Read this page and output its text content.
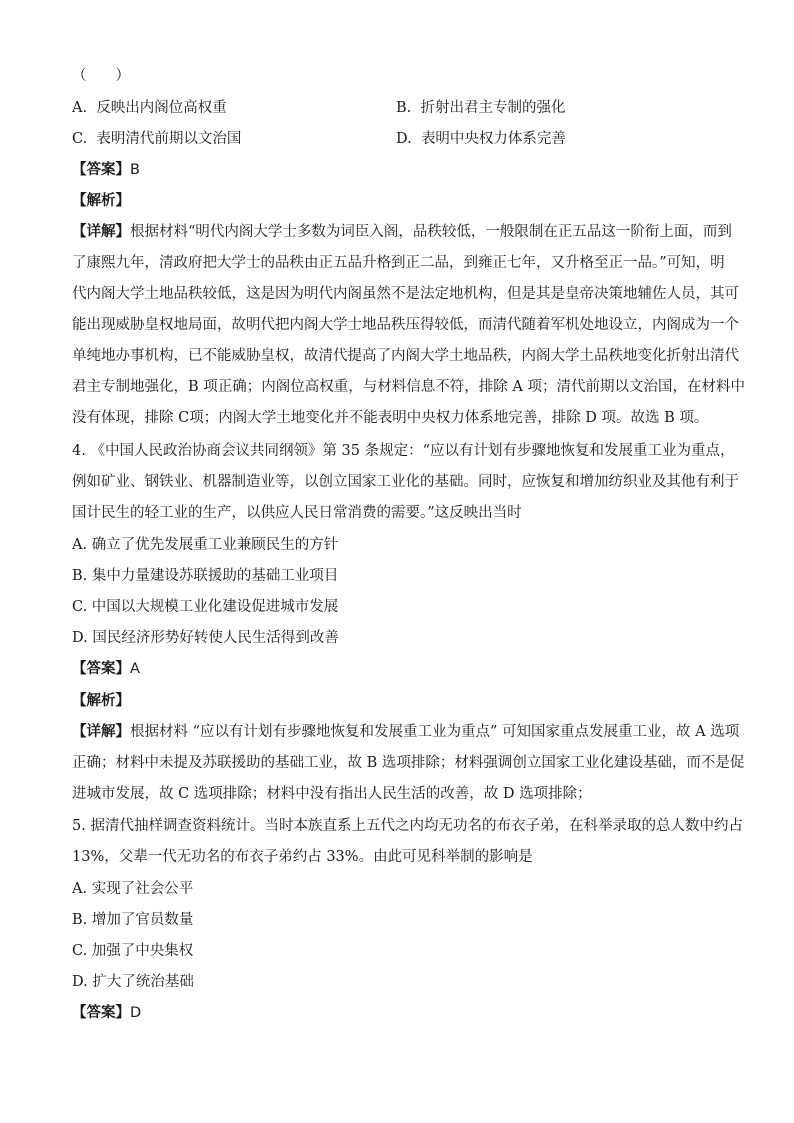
（　　）
A. 反映出内阁位高权重	B. 折射出君主专制的强化
C. 表明清代前期以文治国	D. 表明中央权力体系完善
【答案】B
【解析】
【详解】根据材料“明代内阁大学士多数为词臣入阁，品秩较低，一般限制在正五品这一阶衔上面，而到
了康熙九年，清政府把大学士的品秩由正五品升格到正二品，到雍正七年，又升格至正一品。”可知，明
代内阁大学土地品秩较低，这是因为明代内阁虽然不是法定地机构，但是其是皇帝决策地辅佐人员，其可
能出现威胁皇权地局面，故明代把内阁大学士地品秩压得较低，而清代随着军机处地设立，内阁成为一个
单纯地办事机构，已不能威胁皇权，故清代提高了内阁大学土地品秩，内阁大学土品秩地变化折射出清代
君主专制地强化，B 项正确；内阁位高权重，与材料信息不符，排除 A 项；清代前期以文治国，在材料中
没有体现，排除 C项；内阁大学土地变化并不能表明中央权力体系地完善，排除 D 项。故选 B 项。
4. 《中国人民政治协商会议共同纲领》第 35 条规定：“应以有计划有步骤地恢复和发展重工业为重点，
例如矿业、钢铁业、机器制造业等，以创立国家工业化的基础。同时，应恢复和增加纺织业及其他有利于
国计民生的轻工业的生产，以供应人民日常消费的需要。”这反映出当时
A. 确立了优先发展重工业兼顾民生的方针
B. 集中力量建设苏联援助的基础工业项目
C. 中国以大规模工业化建设促进城市发展
D. 国民经济形势好转使人民生活得到改善
【答案】A
【解析】
【详解】根据材料 “应以有计划有步骤地恢复和发展重工业为重点” 可知国家重点发展重工业，故 A 选项
正确；材料中未提及苏联援助的基础工业，故 B 选项排除；材料强调创立国家工业化建设基础，而不是促
进城市发展，故 C 选项排除；材料中没有指出人民生活的改善，故 D 选项排除；
5. 据清代抽样调查资料统计。当时本族直系上五代之内均无功名的布衣子弟，在科举录取的总人数中约占
13%，父辈一代无功名的布衣子弟约占 33%。由此可见科举制的影响是
A. 实现了社会公平
B. 增加了官员数量
C. 加强了中央集权
D. 扩大了统治基础
【答案】D
